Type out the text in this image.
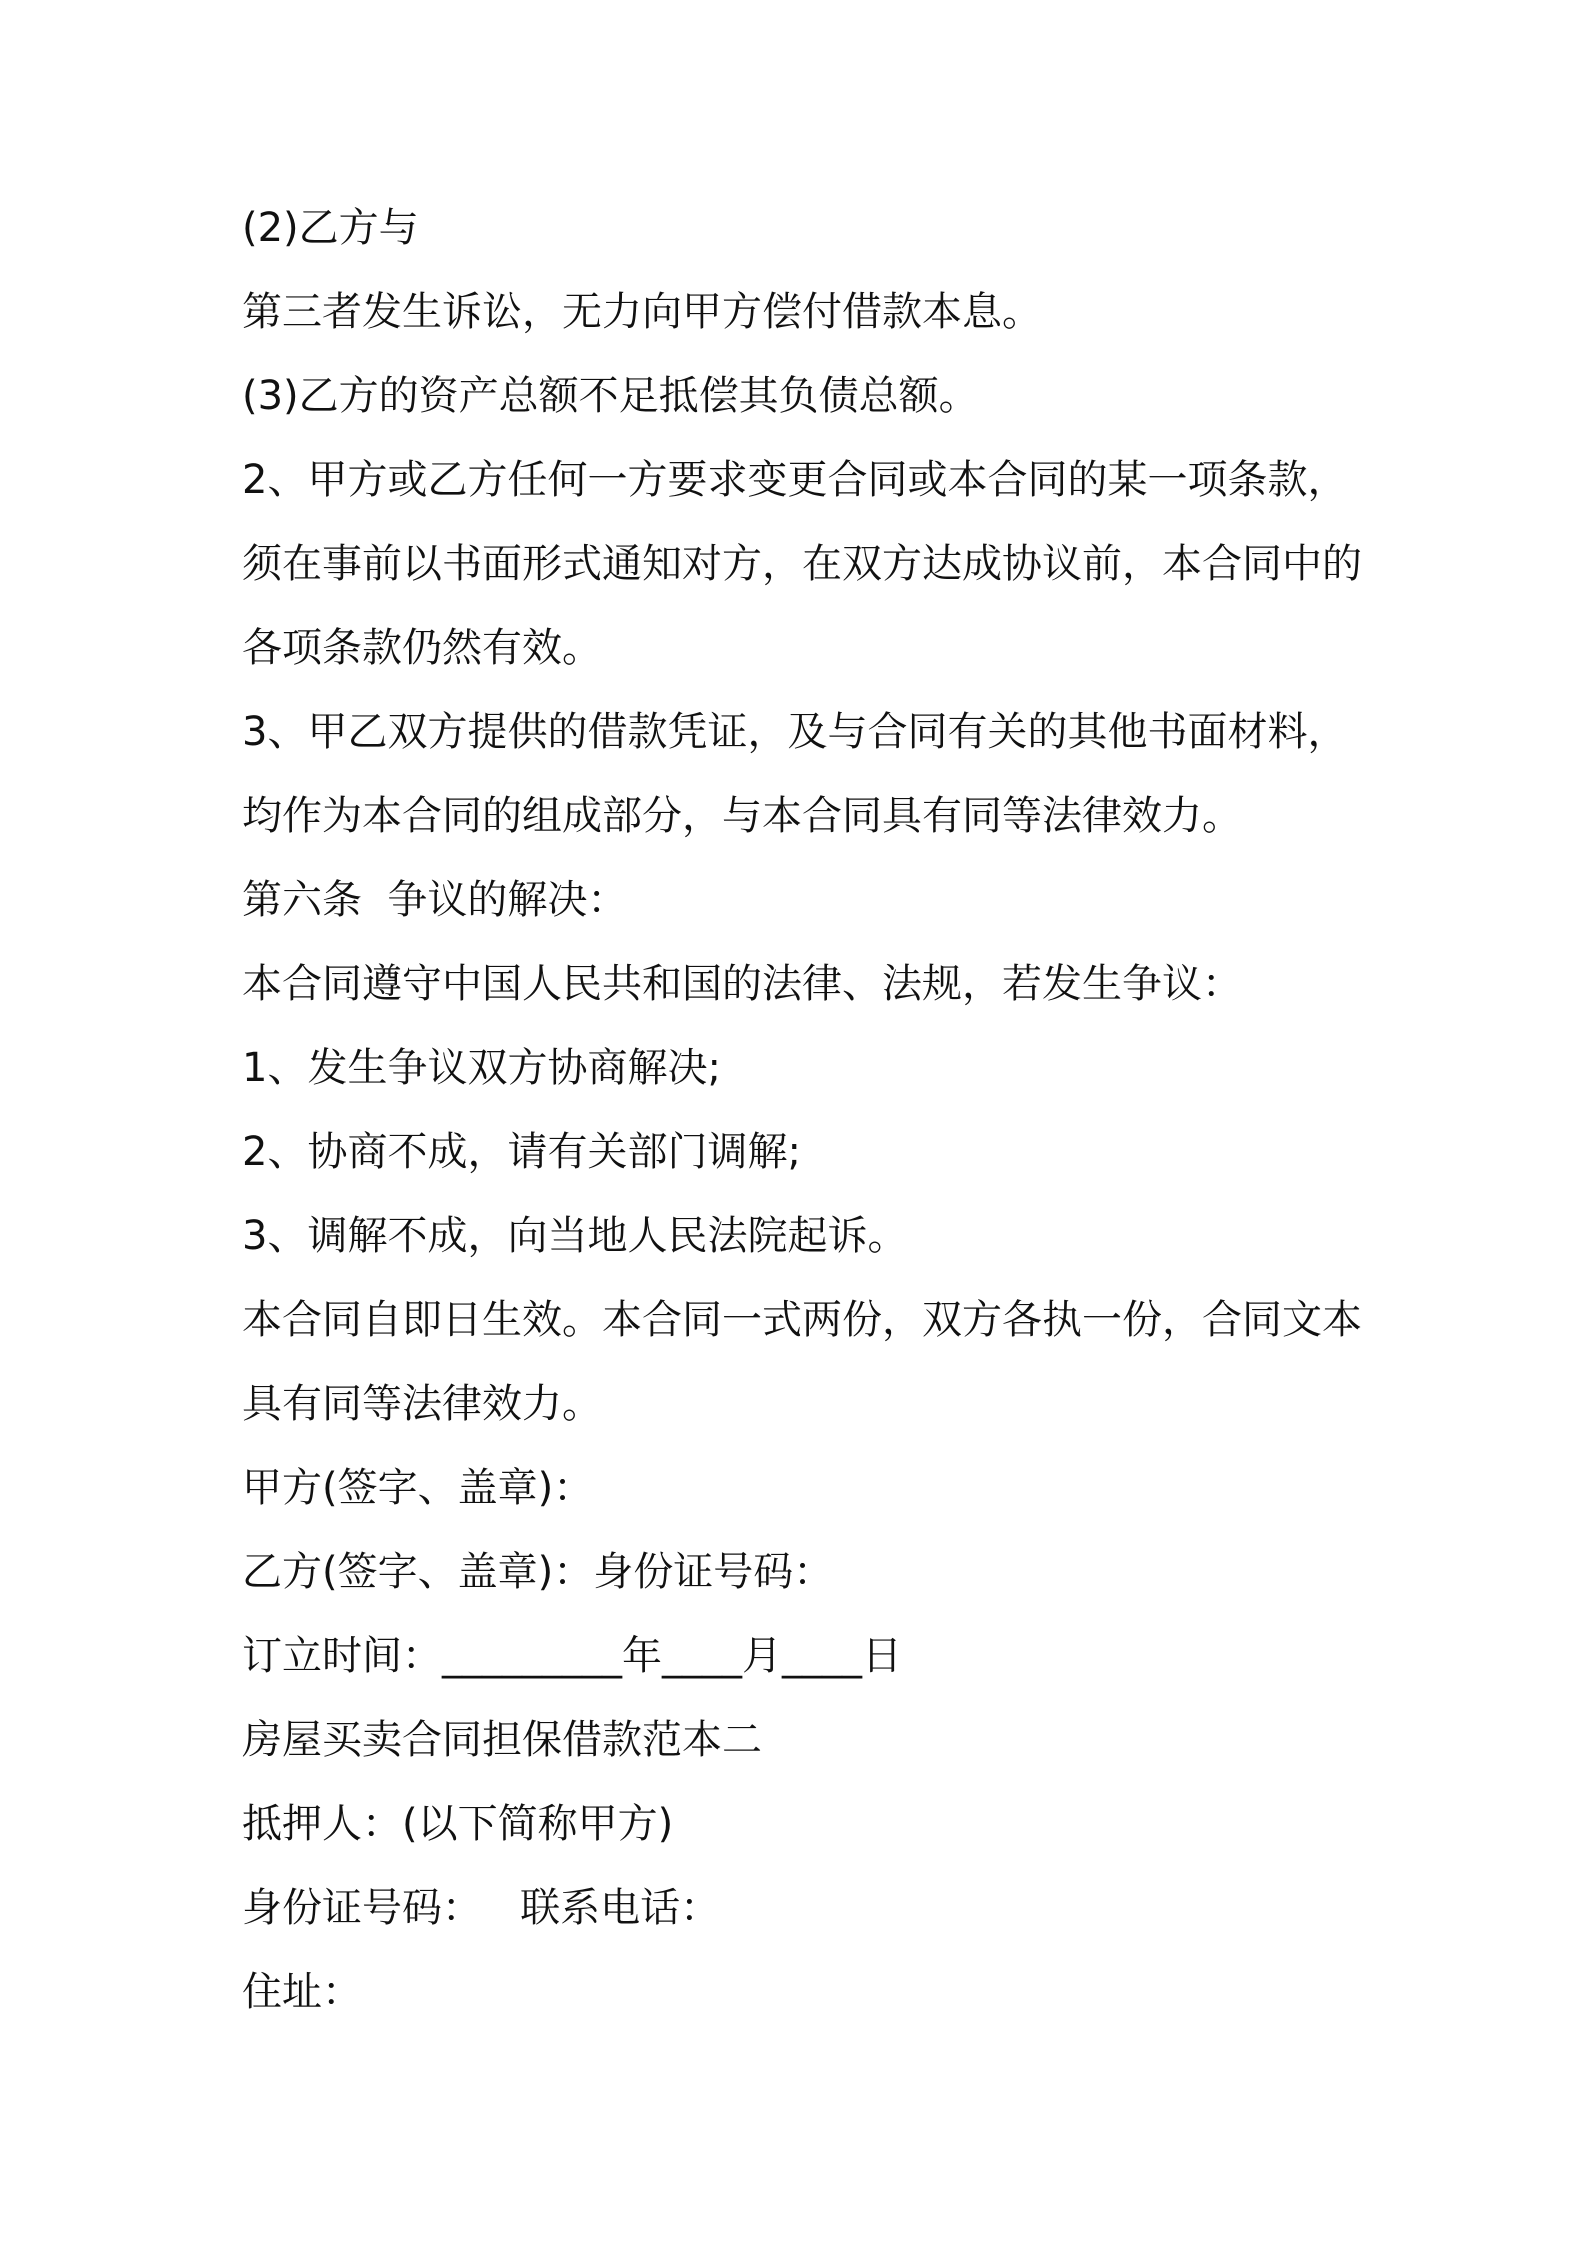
(2)乙方与
第三者发生诉讼，无力向甲方偿付借款本息。
(3)乙方的资产总额不足抵偿其负债总额。
2、甲方或乙方任何一方要求变更合同或本合同的某一项条款，
须在事前以书面形式通知对方，在双方达成协议前，本合同中的
各项条款仍然有效。
3、甲乙双方提供的借款凭证，及与合同有关的其他书面材料，
均作为本合同的组成部分，与本合同具有同等法律效力。
第六条  争议的解决：
本合同遵守中国人民共和国的法律、法规，若发生争议：
1、发生争议双方协商解决;
2、协商不成，请有关部门调解;
3、调解不成，向当地人民法院起诉。
本合同自即日生效。本合同一式两份，双方各执一份，合同文本
具有同等法律效力。
甲方(签字、盖章)：
乙方(签字、盖章)：身份证号码：
订立时间：_________年____月____日
房屋买卖合同担保借款范本二
抵押人：(以下简称甲方)
身份证号码：   联系电话：
住址：
